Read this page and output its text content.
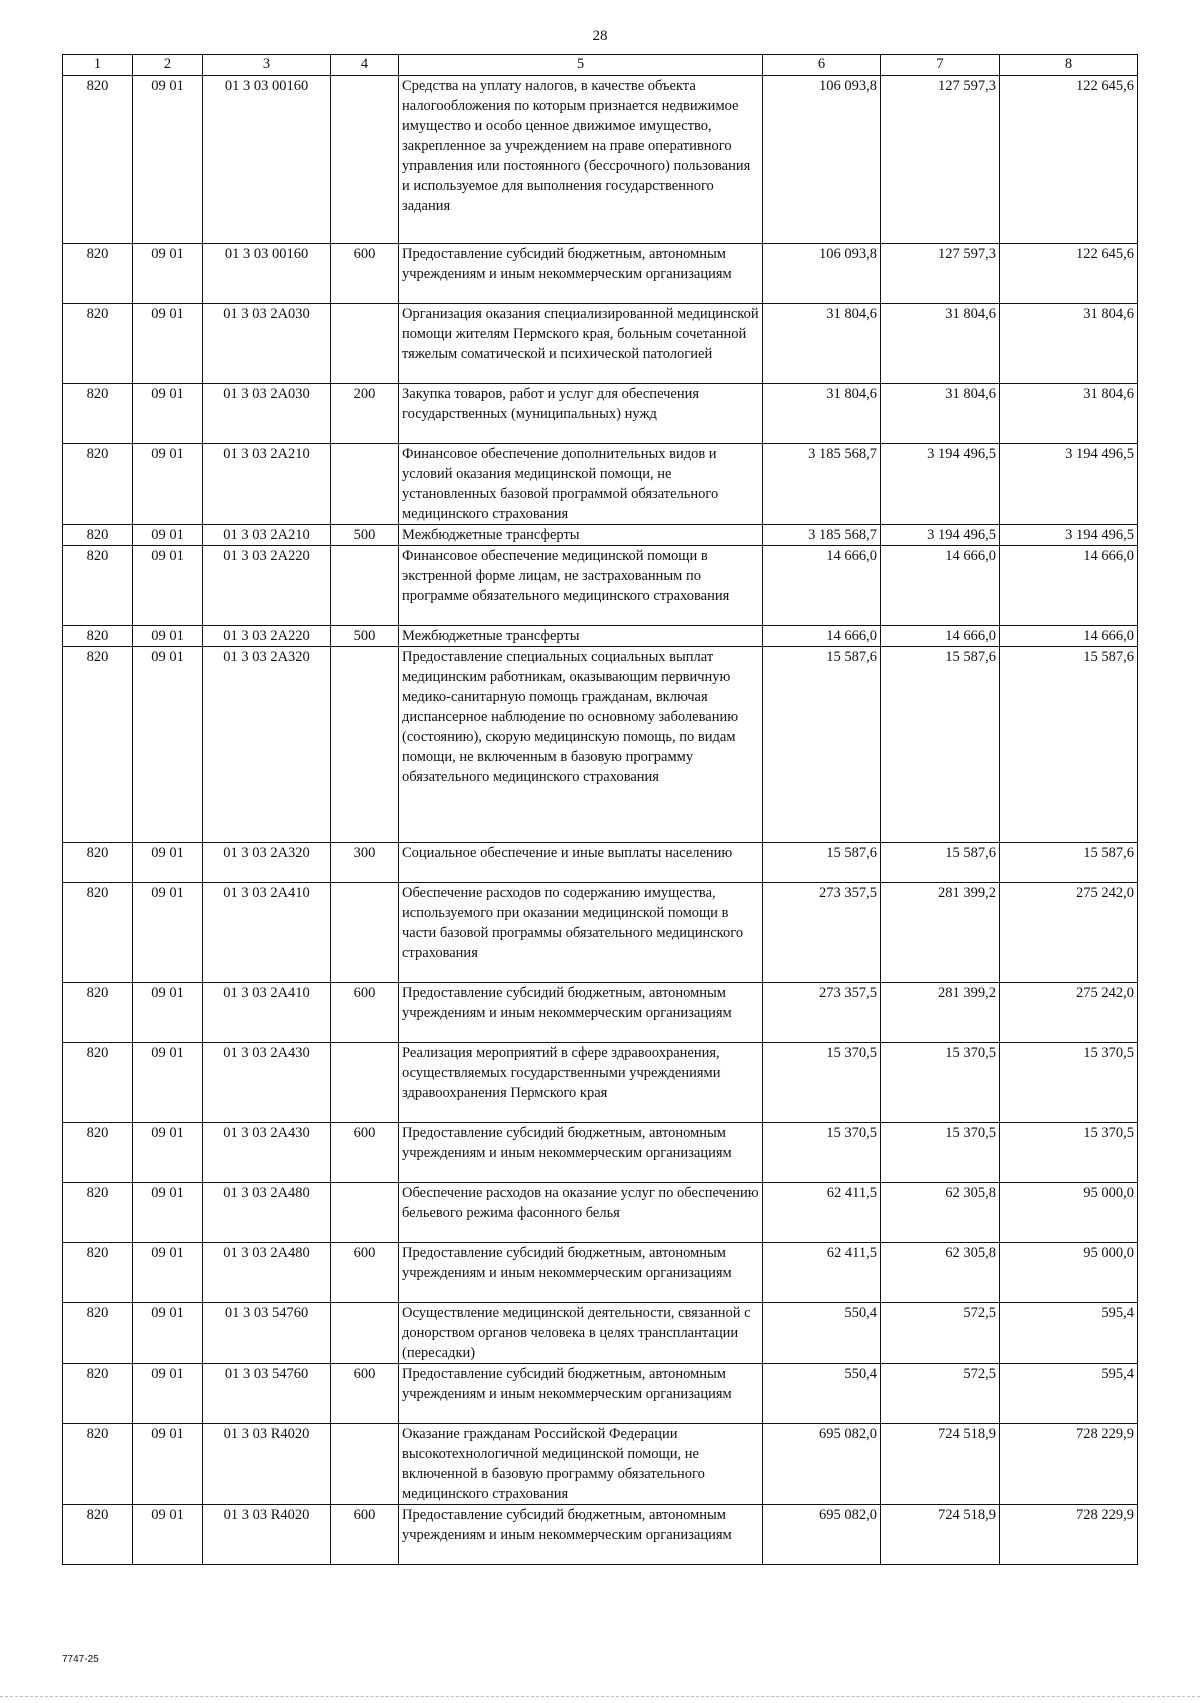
28
1	2	3	4	5	6	7	8
820	09 01	01 3 03 00160		Средства на уплату налогов, в качестве объекта налогообложения по которым признается недвижимое имущество и особо ценное движимое имущество, закрепленное за учреждением на праве оперативного управления или постоянного (бессрочного) пользования и используемое для выполнения государственного задания	106 093,8	127 597,3	122 645,6
820	09 01	01 3 03 00160	600	Предоставление субсидий бюджетным, автономным учреждениям и иным некоммерческим организациям	106 093,8	127 597,3	122 645,6
820	09 01	01 3 03 2А030		Организация оказания специализированной медицинской помощи жителям Пермского края, больным сочетанной тяжелым соматической и психической патологией	31 804,6	31 804,6	31 804,6
820	09 01	01 3 03 2А030	200	Закупка товаров, работ и услуг для обеспечения государственных (муниципальных) нужд	31 804,6	31 804,6	31 804,6
820	09 01	01 3 03 2А210		Финансовое обеспечение дополнительных видов и условий оказания медицинской помощи, не установленных базовой программой обязательного медицинского страхования	3 185 568,7	3 194 496,5	3 194 496,5
820	09 01	01 3 03 2А210	500	Межбюджетные трансферты	3 185 568,7	3 194 496,5	3 194 496,5
820	09 01	01 3 03 2А220		Финансовое обеспечение медицинской помощи в экстренной форме лицам, не застрахованным по программе обязательного медицинского страхования	14 666,0	14 666,0	14 666,0
820	09 01	01 3 03 2А220	500	Межбюджетные трансферты	14 666,0	14 666,0	14 666,0
820	09 01	01 3 03 2А320		Предоставление специальных социальных выплат медицинским работникам, оказывающим первичную медико-санитарную помощь гражданам, включая диспансерное наблюдение по основному заболеванию (состоянию), скорую медицинскую помощь, по видам помощи, не включенным в базовую программу обязательного медицинского страхования	15 587,6	15 587,6	15 587,6
820	09 01	01 3 03 2А320	300	Социальное обеспечение и иные выплаты населению	15 587,6	15 587,6	15 587,6
820	09 01	01 3 03 2А410		Обеспечение расходов по содержанию имущества, используемого при оказании медицинской помощи в части базовой программы обязательного медицинского страхования	273 357,5	281 399,2	275 242,0
820	09 01	01 3 03 2А410	600	Предоставление субсидий бюджетным, автономным учреждениям и иным некоммерческим организациям	273 357,5	281 399,2	275 242,0
820	09 01	01 3 03 2А430		Реализация мероприятий в сфере здравоохранения, осуществляемых государственными учреждениями здравоохранения Пермского края	15 370,5	15 370,5	15 370,5
820	09 01	01 3 03 2А430	600	Предоставление субсидий бюджетным, автономным учреждениям и иным некоммерческим организациям	15 370,5	15 370,5	15 370,5
820	09 01	01 3 03 2А480		Обеспечение расходов на оказание услуг по обеспечению бельевого режима фасонного белья	62 411,5	62 305,8	95 000,0
820	09 01	01 3 03 2А480	600	Предоставление субсидий бюджетным, автономным учреждениям и иным некоммерческим организациям	62 411,5	62 305,8	95 000,0
820	09 01	01 3 03 54760		Осуществление медицинской деятельности, связанной с донорством органов человека в целях трансплантации (пересадки)	550,4	572,5	595,4
820	09 01	01 3 03 54760	600	Предоставление субсидий бюджетным, автономным учреждениям и иным некоммерческим организациям	550,4	572,5	595,4
820	09 01	01 3 03 R4020		Оказание гражданам Российской Федерации высокотехнологичной медицинской помощи, не включенной в базовую программу обязательного медицинского страхования	695 082,0	724 518,9	728 229,9
820	09 01	01 3 03 R4020	600	Предоставление субсидий бюджетным, автономным учреждениям и иным некоммерческим организациям	695 082,0	724 518,9	728 229,9
7747-25
